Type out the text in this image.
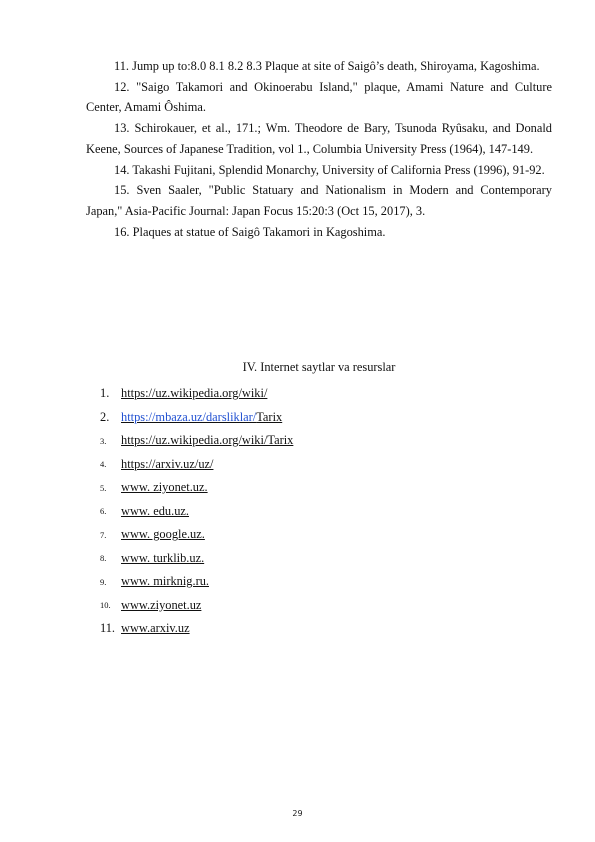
11. Jump up to:8.0 8.1 8.2 8.3 Plaque at site of Saigô’s death, Shiroyama, Kagoshima.

12. "Saigo Takamori and Okinoerabu Island," plaque, Amami Nature and Culture Center, Amami Ôshima.

13. Schirokauer, et al., 171.; Wm. Theodore de Bary, Tsunoda Ryûsaku, and Donald Keene, Sources of Japanese Tradition, vol 1., Columbia University Press (1964), 147-149.

14. Takashi Fujitani, Splendid Monarchy, University of California Press (1996), 91-92.

15. Sven Saaler, "Public Statuary and Nationalism in Modern and Contemporary Japan," Asia-Pacific Journal: Japan Focus 15:20:3 (Oct 15, 2017), 3.

16. Plaques at statue of Saigô Takamori in Kagoshima.

IV. Internet saytlar va resurslar
1. https://uz.wikipedia.org/wiki/
2. https://mbaza.uz/darsliklar/Tarix
3.	https://uz.wikipedia.org/wiki/Tarix
4.	https://arxiv.uz/uz/
5.	www. ziyonet.uz.
6.	www. edu.uz.
7.	www. google.uz.
8.	www. turklib.uz.
9.	www. mirknig.ru.
10. www.ziyonet.uz
11. www.arxiv.uz
29
